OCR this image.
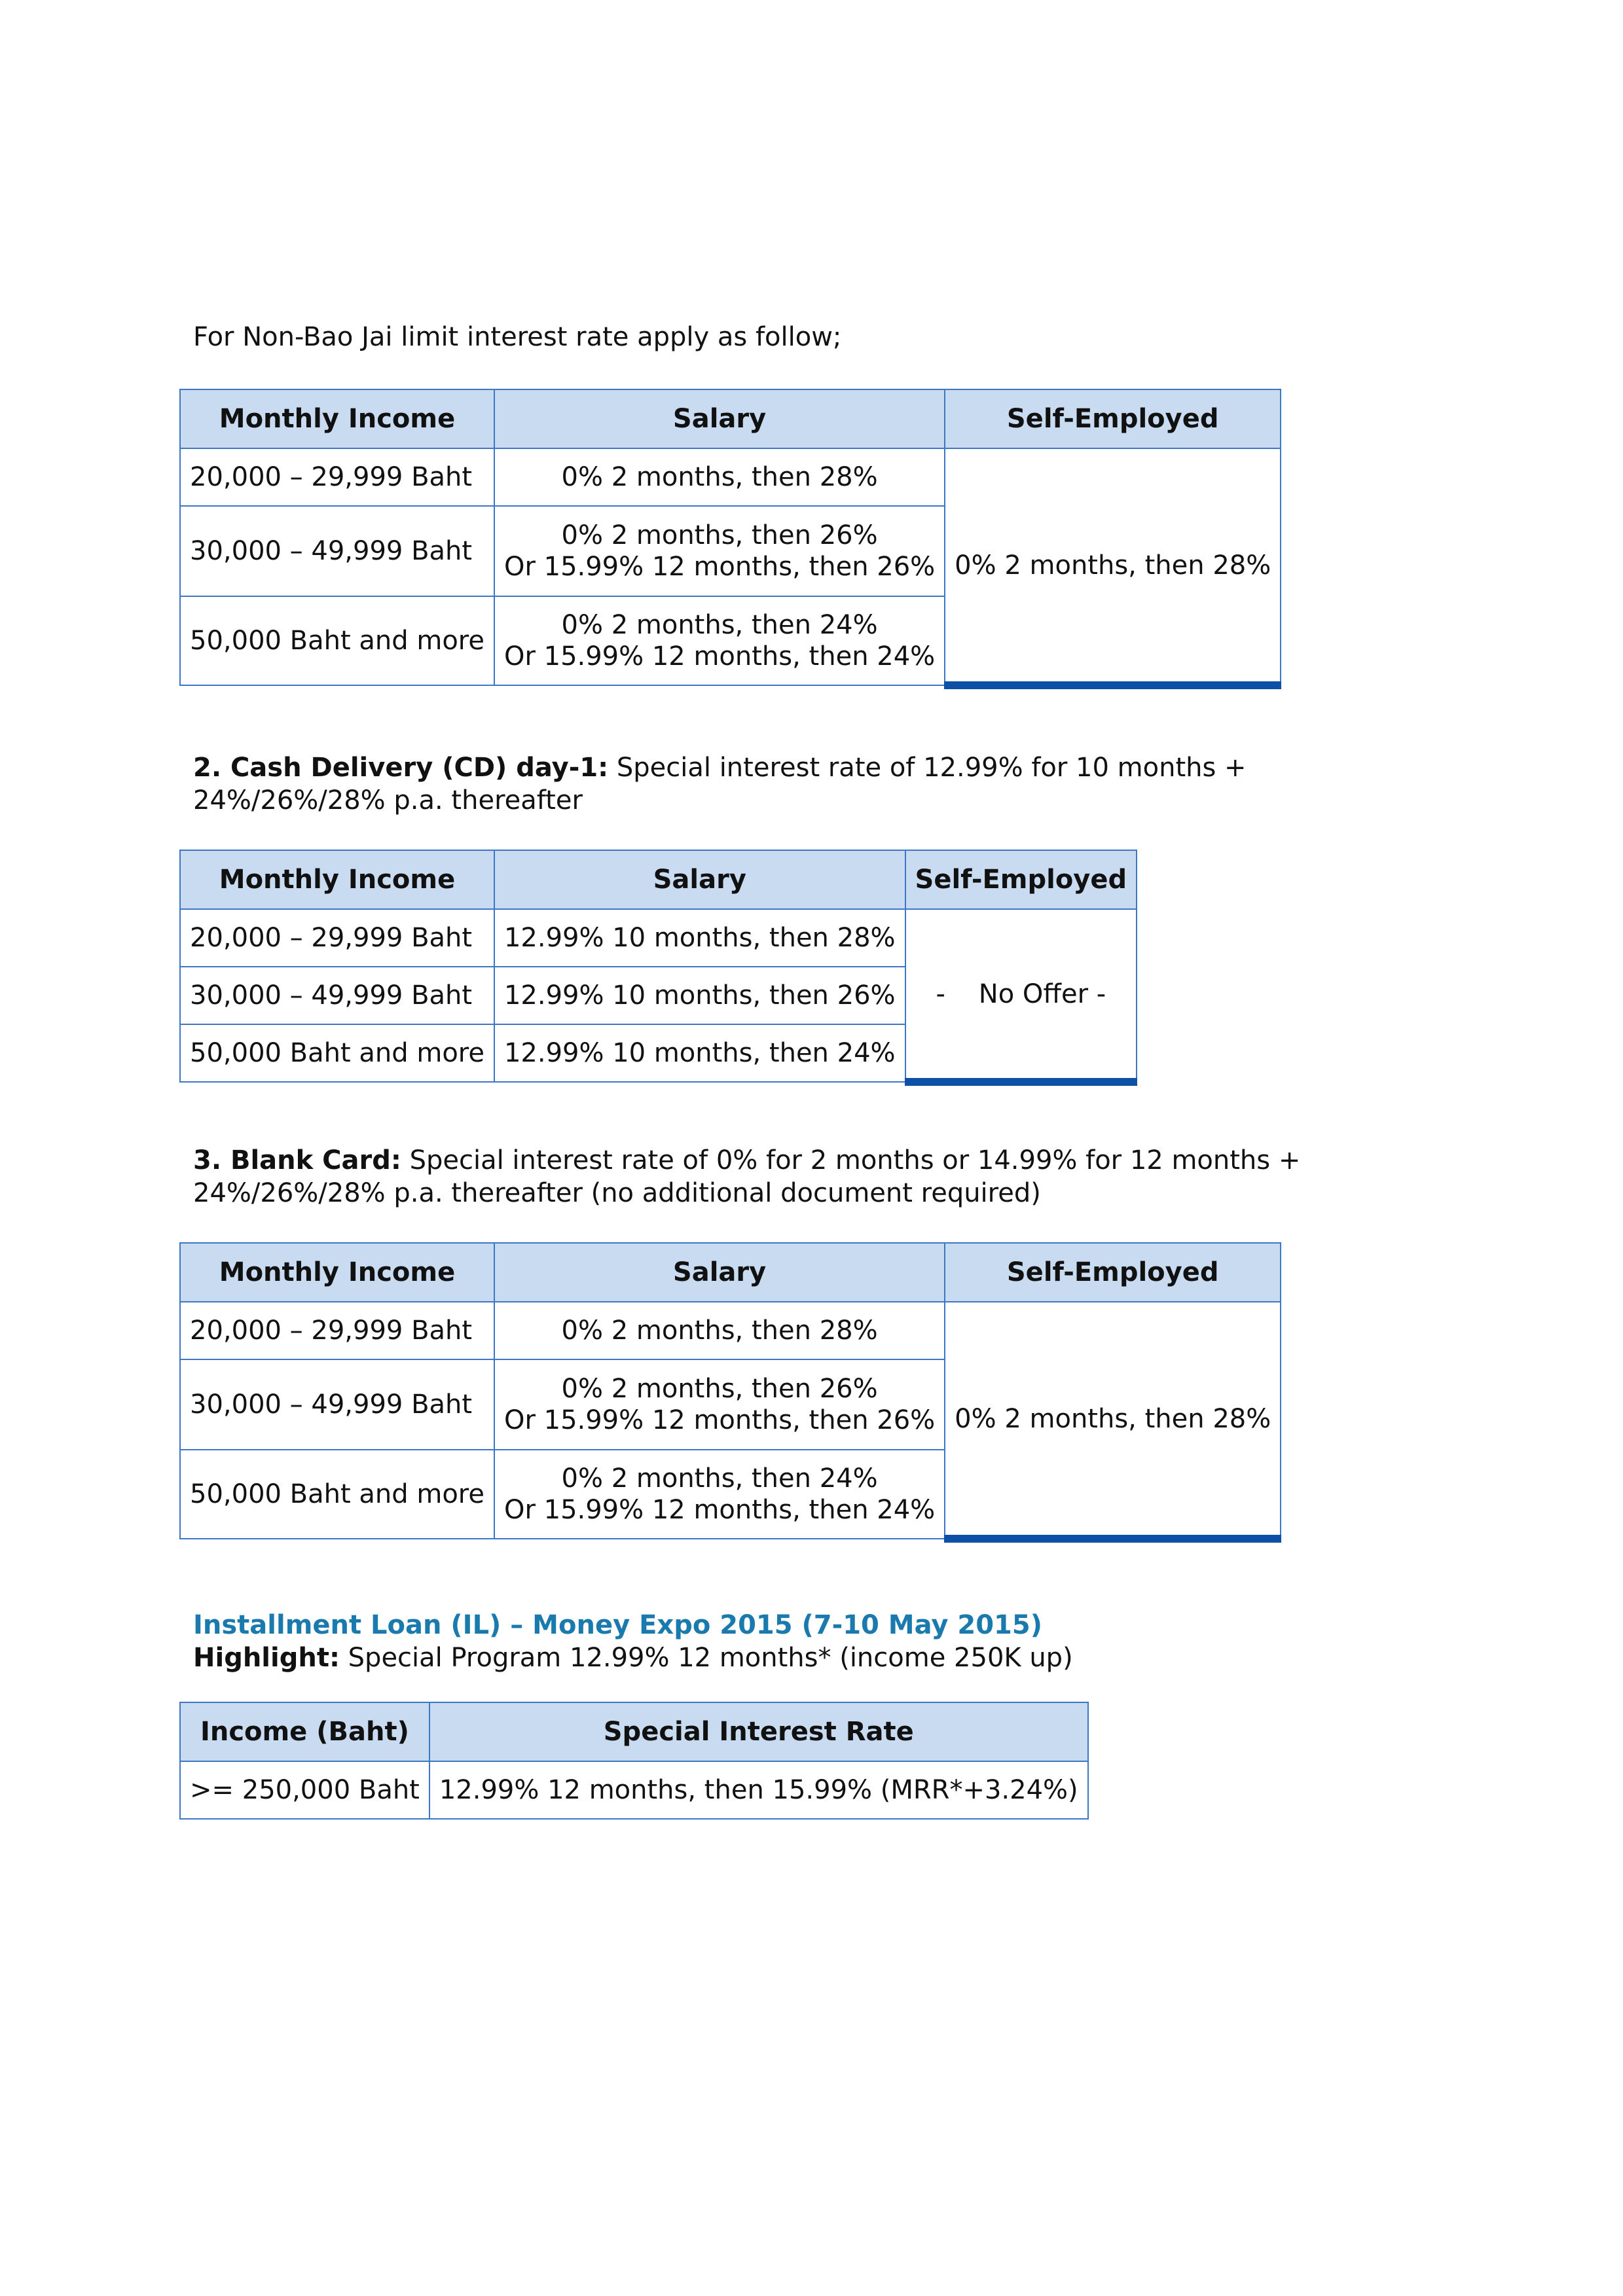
For Non-Bao Jai limit interest rate apply as follow;
Monthly Income	Salary	Self-Employed
20,000 – 29,999 Baht	0% 2 months, then 28%	0% 2 months, then 28%
30,000 – 49,999 Baht	0% 2 months, then 26%
Or 15.99% 12 months, then 26%	

50,000 Baht and more	0% 2 months, then 24%
Or 15.99% 12 months, then 24%	
2. Cash Delivery (CD) day-1: Special interest rate of 12.99% for 10 months + 24%/26%/28% p.a. thereafter
Monthly Income	Salary	Self-Employed
20,000 – 29,999 Baht	12.99% 10 months, then 28%	-    No Offer -
30,000 – 49,999 Baht	12.99% 10 months, then 26%	
50,000 Baht and more	12.99% 10 months, then 24%	
3. Blank Card: Special interest rate of 0% for 2 months or 14.99% for 12 months + 24%/26%/28% p.a. thereafter (no additional document required)
Monthly Income	Salary	Self-Employed
20,000 – 29,999 Baht	0% 2 months, then 28%	0% 2 months, then 28%
30,000 – 49,999 Baht	0% 2 months, then 26%
Or 15.99% 12 months, then 26%	

50,000 Baht and more	0% 2 months, then 24%
Or 15.99% 12 months, then 24%	
Installment Loan (IL) – Money Expo 2015 (7-10 May 2015)
Highlight: Special Program 12.99% 12 months* (income 250K up)
Income (Baht)	Special Interest Rate
>= 250,000 Baht	12.99% 12 months, then 15.99% (MRR*+3.24%)
